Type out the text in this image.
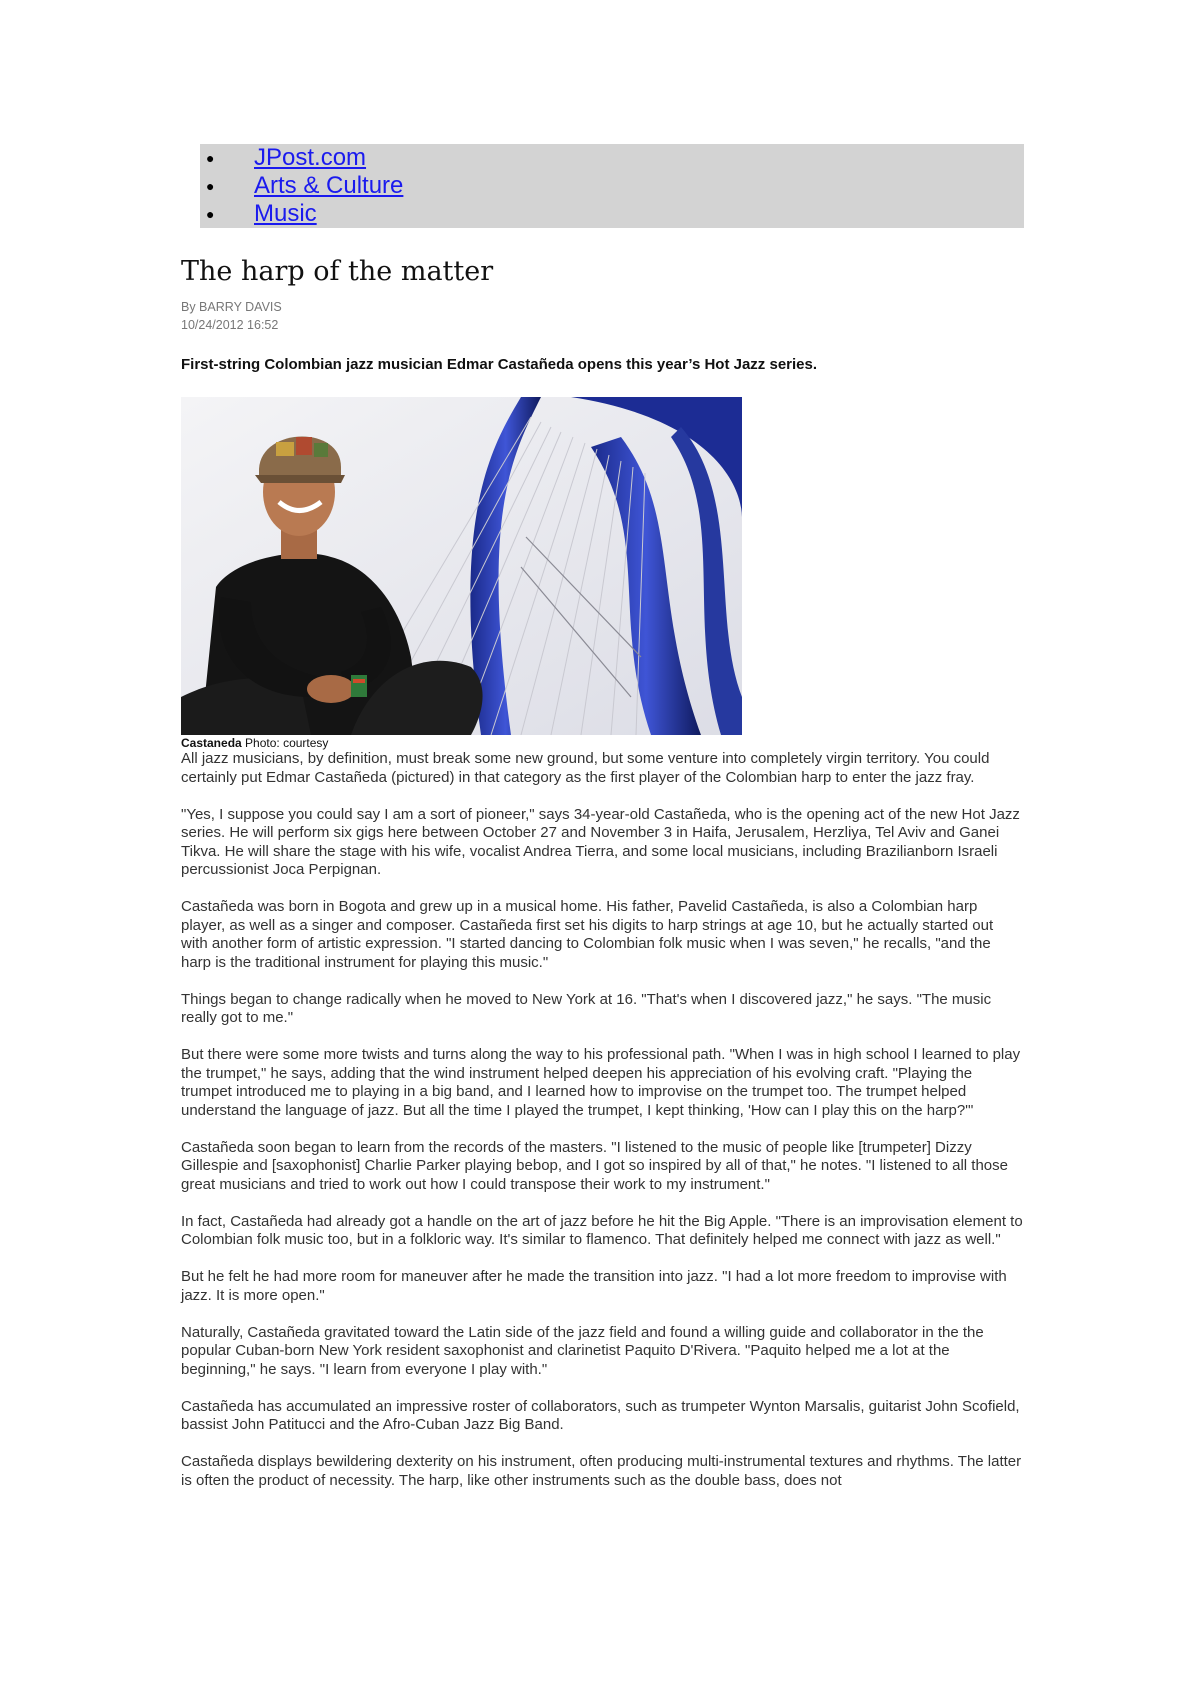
● JPost.com
● Arts & Culture
● Music
The harp of the matter
By BARRY DAVIS
10/24/2012 16:52

First-string Colombian jazz musician Edmar Castañeda opens this year’s Hot Jazz series.

Castaneda Photo: courtesy

All jazz musicians, by definition, must break some new ground, but some venture into completely virgin territory. You could certainly put Edmar Castañeda (pictured) in that category as the first player of the Colombian harp to enter the jazz fray.

"Yes, I suppose you could say I am a sort of pioneer," says 34-year-old Castañeda, who is the opening act of the new Hot Jazz series. He will perform six gigs here between October 27 and November 3 in Haifa, Jerusalem, Herzliya, Tel Aviv and Ganei Tikva. He will share the stage with his wife, vocalist Andrea Tierra, and some local musicians, including Brazilianborn Israeli percussionist Joca Perpignan.

Castañeda was born in Bogota and grew up in a musical home. His father, Pavelid Castañeda, is also a Colombian harp player, as well as a singer and composer. Castañeda first set his digits to harp strings at age 10, but he actually started out with another form of artistic expression. "I started dancing to Colombian folk music when I was seven," he recalls, "and the harp is the traditional instrument for playing this music."

Things began to change radically when he moved to New York at 16. "That's when I discovered jazz," he says. "The music really got to me."

But there were some more twists and turns along the way to his professional path. "When I was in high school I learned to play the trumpet," he says, adding that the wind instrument helped deepen his appreciation of his evolving craft. "Playing the trumpet introduced me to playing in a big band, and I learned how to improvise on the trumpet too. The trumpet helped understand the language of jazz. But all the time I played the trumpet, I kept thinking, 'How can I play this on the harp?'"

Castañeda soon began to learn from the records of the masters. "I listened to the music of people like [trumpeter] Dizzy Gillespie and [saxophonist] Charlie Parker playing bebop, and I got so inspired by all of that," he notes. "I listened to all those great musicians and tried to work out how I could transpose their work to my instrument."

In fact, Castañeda had already got a handle on the art of jazz before he hit the Big Apple. "There is an improvisation element to Colombian folk music too, but in a folkloric way. It's similar to flamenco. That definitely helped me connect with jazz as well."

But he felt he had more room for maneuver after he made the transition into jazz. "I had a lot more freedom to improvise with jazz. It is more open."

Naturally, Castañeda gravitated toward the Latin side of the jazz field and found a willing guide and collaborator in the the popular Cuban-born New York resident saxophonist and clarinetist Paquito D'Rivera. "Paquito helped me a lot at the beginning," he says. "I learn from everyone I play with."

Castañeda has accumulated an impressive roster of collaborators, such as trumpeter Wynton Marsalis, guitarist John Scofield, bassist John Patitucci and the Afro-Cuban Jazz Big Band.

Castañeda displays bewildering dexterity on his instrument, often producing multi-instrumental textures and rhythms. The latter is often the product of necessity. The harp, like other instruments such as the double bass, does not
